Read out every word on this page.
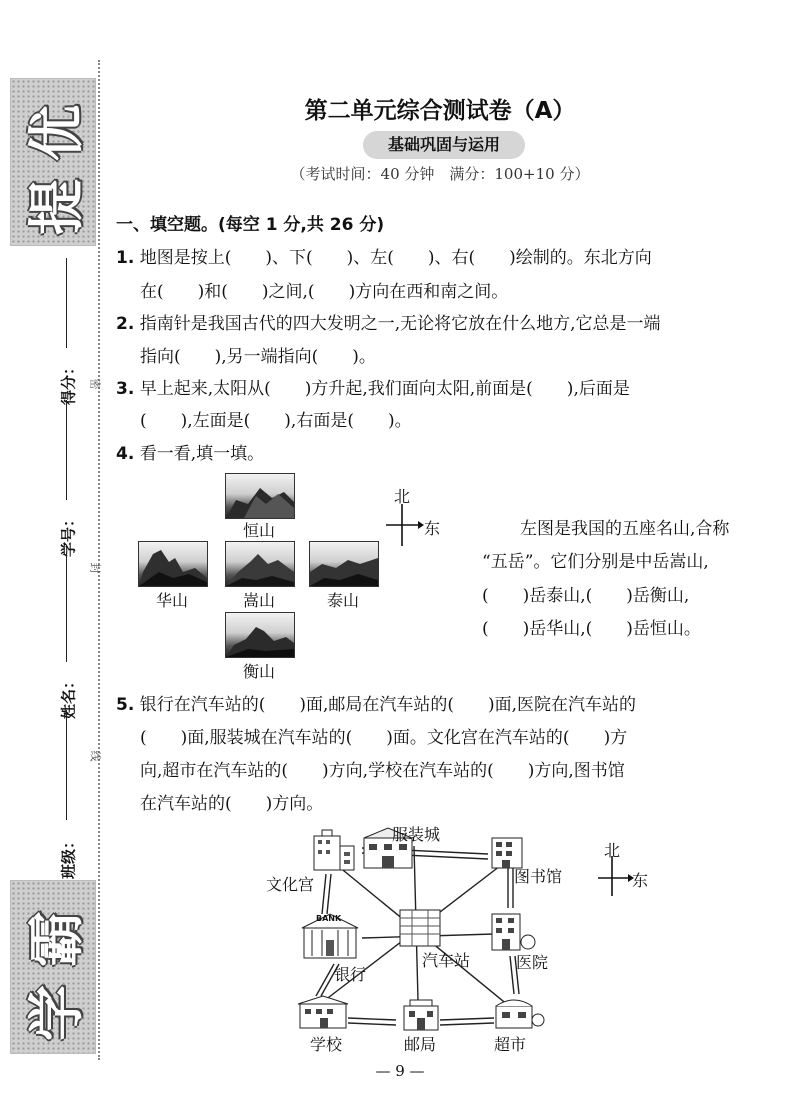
提
优
学
霸
密
封
线
得分：
学号：
姓名：
班级：
第二单元综合测试卷（A）
基础巩固与运用
（考试时间：40 分钟　满分：100+10 分）
一、填空题。(每空 1 分,共 26 分)
1. 地图是按上(　　)、下(　　)、左(　　)、右(　　)绘制的。东北方向
在(　　)和(　　)之间,(　　)方向在西和南之间。
2. 指南针是我国古代的四大发明之一,无论将它放在什么地方,它总是一端
指向(　　),另一端指向(　　)。
3. 早上起来,太阳从(　　)方升起,我们面向太阳,前面是(　　),后面是
(　　),左面是(　　),右面是(　　)。
4. 看一看,填一填。
恒山
华山	嵩山	泰山
衡山
北
东	左图是我国的五座名山,合称
“五岳”。它们分别是中岳嵩山,
(　　)岳泰山,(　　)岳衡山,
(　　)岳华山,(　　)岳恒山。
5. 银行在汽车站的(　　)面,邮局在汽车站的(　　)面,医院在汽车站的
(　　)面,服装城在汽车站的(　　)面。文化宫在汽车站的(　　)方
向,超市在汽车站的(　　)方向,学校在汽车站的(　　)方向,图书馆
在汽车站的(　　)方向。
BANK
服装城
图书馆
文化宫
银行
汽车站	医院
学校	邮局	超市
北
东
— 9 —
